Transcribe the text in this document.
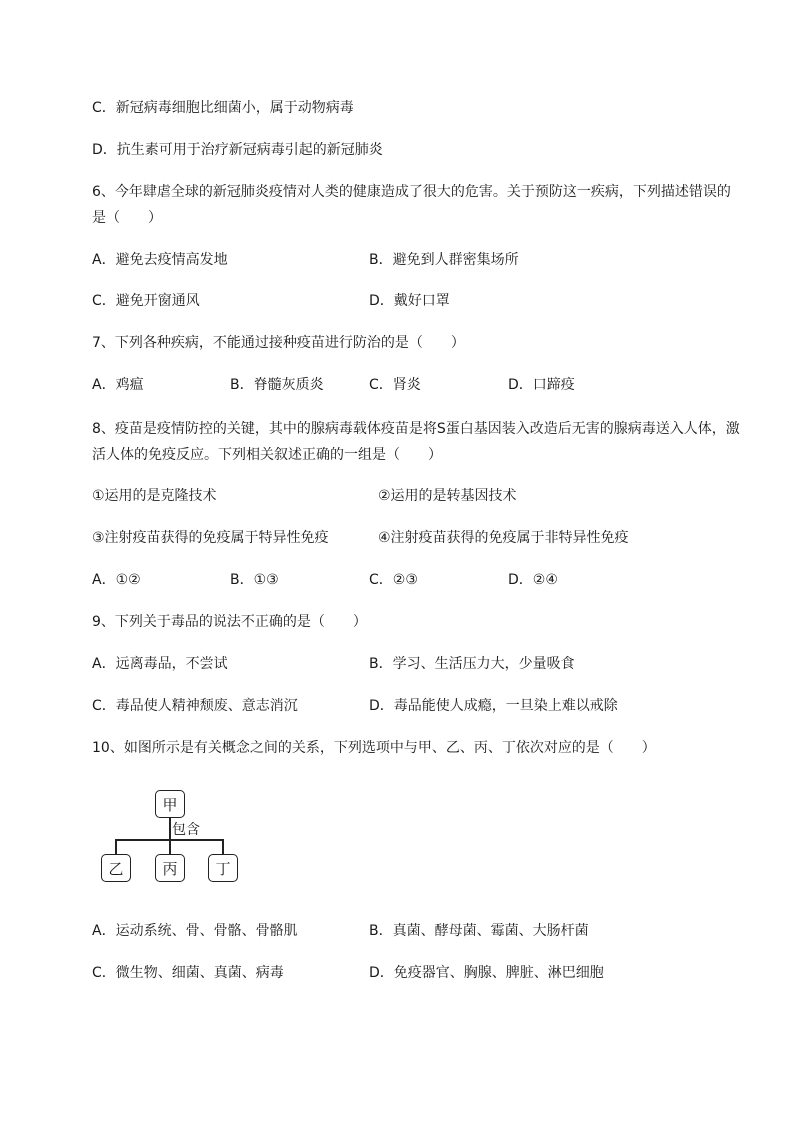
C．新冠病毒细胞比细菌小，属于动物病毒
D．抗生素可用于治疗新冠病毒引起的新冠肺炎
6、今年肆虐全球的新冠肺炎疫情对人类的健康造成了很大的危害。关于预防这一疾病，下列描述错误的是（　　）
A．避免去疫情高发地	B．避免到人群密集场所
C．避免开窗通风	D．戴好口罩
7、下列各种疾病，不能通过接种疫苗进行防治的是（　　）
A．鸡瘟	B．脊髓灰质炎	C．肾炎	D．口蹄疫
8、疫苗是疫情防控的关键，其中的腺病毒载体疫苗是将S蛋白基因装入改造后无害的腺病毒送入人体，激活人体的免疫反应。下列相关叙述正确的一组是（　　）
①运用的是克隆技术	②运用的是转基因技术
③注射疫苗获得的免疫属于特异性免疫	④注射疫苗获得的免疫属于非特异性免疫
A．①②	B．①③	C．②③	D．②④
9、下列关于毒品的说法不正确的是（　　）
A．远离毒品，不尝试	B．学习、生活压力大，少量吸食
C．毒品使人精神颓废、意志消沉	D．毒品能使人成瘾，一旦染上难以戒除
10、如图所示是有关概念之间的关系，下列选项中与甲、乙、丙、丁依次对应的是（　　）
甲
包含
乙	丙	丁
A．运动系统、骨、骨骼、骨骼肌	B．真菌、酵母菌、霉菌、大肠杆菌
C．微生物、细菌、真菌、病毒	D．免疫器官、胸腺、脾脏、淋巴细胞
